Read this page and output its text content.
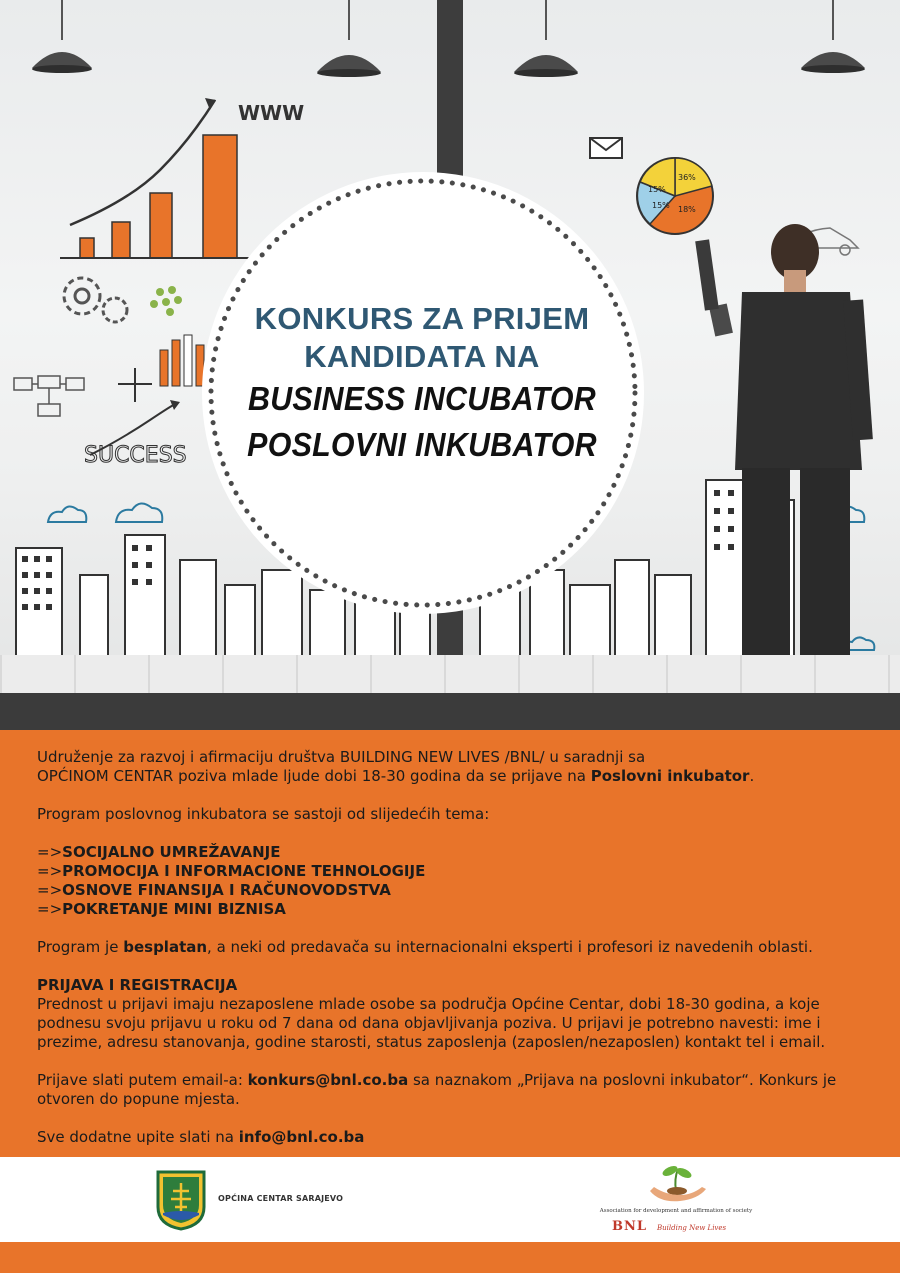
WWW
SUCCESS
36%
15%
15% 18%
KONKURS ZA PRIJEM
KANDIDATA NA
BUSINESS INCUBATOR
POSLOVNI INKUBATOR

Udruženje za razvoj i afirmaciju društva BUILDING NEW LIVES /BNL/ u saradnji sa

OPĆINOM CENTAR poziva mlade ljude dobi 18-30 godina da se prijave na Poslovni inkubator.

Program poslovnog inkubatora se sastoji od slijedećih tema:

=>SOCIJALNO UMREŽAVANJE

=>PROMOCIJA I INFORMACIONE TEHNOLOGIJE

=>OSNOVE FINANSIJA I RAČUNOVODSTVA

=>POKRETANJE MINI BIZNISA

Program je besplatan, a neki od predavača su internacionalni eksperti i profesori iz navedenih oblasti.

PRIJAVA I REGISTRACIJA

Prednost u prijavi imaju nezaposlene mlade osobe sa područja Općine Centar, dobi 18-30 godina, a koje

podnesu svoju prijavu u roku od 7 dana od dana objavljivanja poziva. U prijavi je potrebno navesti: ime i

prezime, adresu stanovanja, godine starosti, status zaposlenja (zaposlen/nezaposlen) kontakt tel i email.

Prijave slati putem email-a: konkurs@bnl.co.ba sa naznakom „Prijava na poslovni inkubator“. Konkurs je

otvoren do popune mjesta.

Sve dodatne upite slati na info@bnl.co.ba

OPĆINA CENTAR SARAJEVO
Association for development and affirmation of society
BNL Building New Lives
